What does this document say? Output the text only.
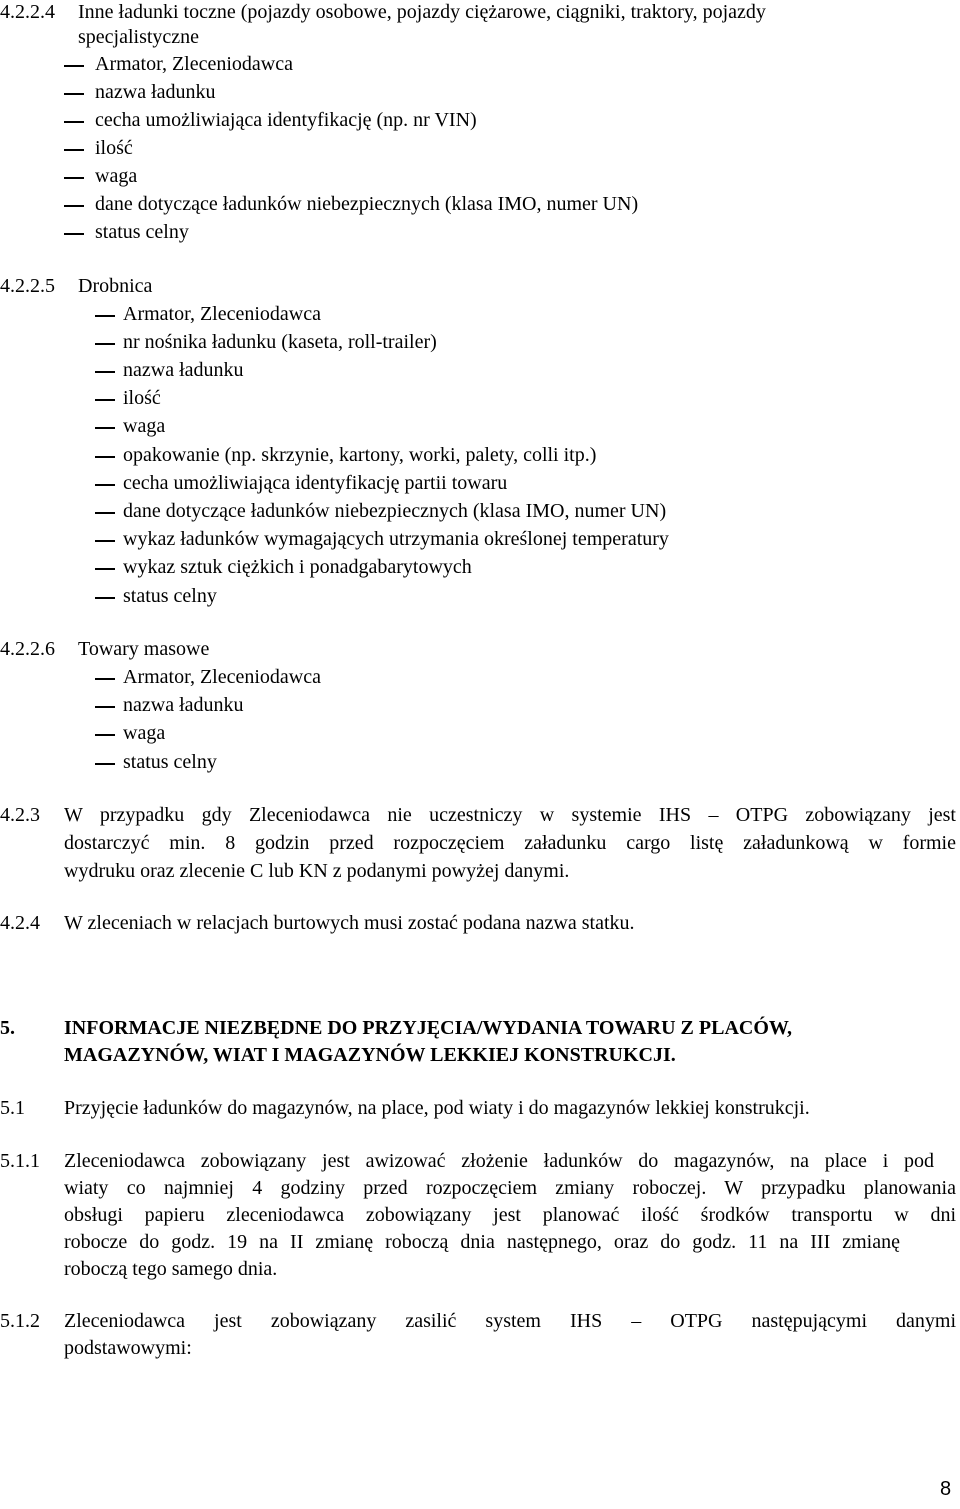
4.2.2.4 Inne ładunki toczne (pojazdy osobowe, pojazdy ciężarowe, ciągniki, traktory, pojazdy
specjalistyczne
Armator, Zleceniodawca
nazwa ładunku
cecha umożliwiająca identyfikację (np. nr VIN)
ilość
waga
dane dotyczące ładunków niebezpiecznych (klasa IMO, numer UN)
status celny
4.2.2.5 Drobnica
Armator, Zleceniodawca
nr nośnika ładunku (kaseta, roll-trailer)
nazwa ładunku
ilość
waga
opakowanie (np. skrzynie, kartony, worki, palety, colli itp.)
cecha umożliwiająca identyfikację partii towaru
dane dotyczące ładunków niebezpiecznych (klasa IMO, numer UN)
wykaz ładunków wymagających utrzymania określonej temperatury
wykaz sztuk ciężkich i ponadgabarytowych
status celny
4.2.2.6 Towary masowe
Armator, Zleceniodawca
nazwa ładunku
waga
status celny
4.2.3 W przypadku gdy Zleceniodawca nie uczestniczy w systemie IHS – OTPG zobowiązany jest
dostarczyć min. 8 godzin przed rozpoczęciem załadunku cargo listę załadunkową w formie
wydruku oraz zlecenie C lub KN z podanymi powyżej danymi.
4.2.4 W zleceniach w relacjach burtowych musi zostać podana nazwa statku.
5. INFORMACJE NIEZBĘDNE DO PRZYJĘCIA/WYDANIA TOWARU Z PLACÓW,
MAGAZYNÓW, WIAT I MAGAZYNÓW LEKKIEJ KONSTRUKCJI.
5.1 Przyjęcie ładunków do magazynów, na place, pod wiaty i do magazynów lekkiej konstrukcji.
5.1.1 Zleceniodawca zobowiązany jest awizować złożenie ładunków do magazynów, na place i pod
wiaty co najmniej 4 godziny przed rozpoczęciem zmiany roboczej. W przypadku planowania
obsługi papieru zleceniodawca zobowiązany jest planować ilość środków transportu w dni
robocze do godz. 19 na II zmianę roboczą dnia następnego, oraz do godz. 11 na III zmianę
roboczą tego samego dnia.
5.1.2 Zleceniodawca jest zobowiązany zasilić system IHS – OTPG następującymi danymi
podstawowymi:
8
